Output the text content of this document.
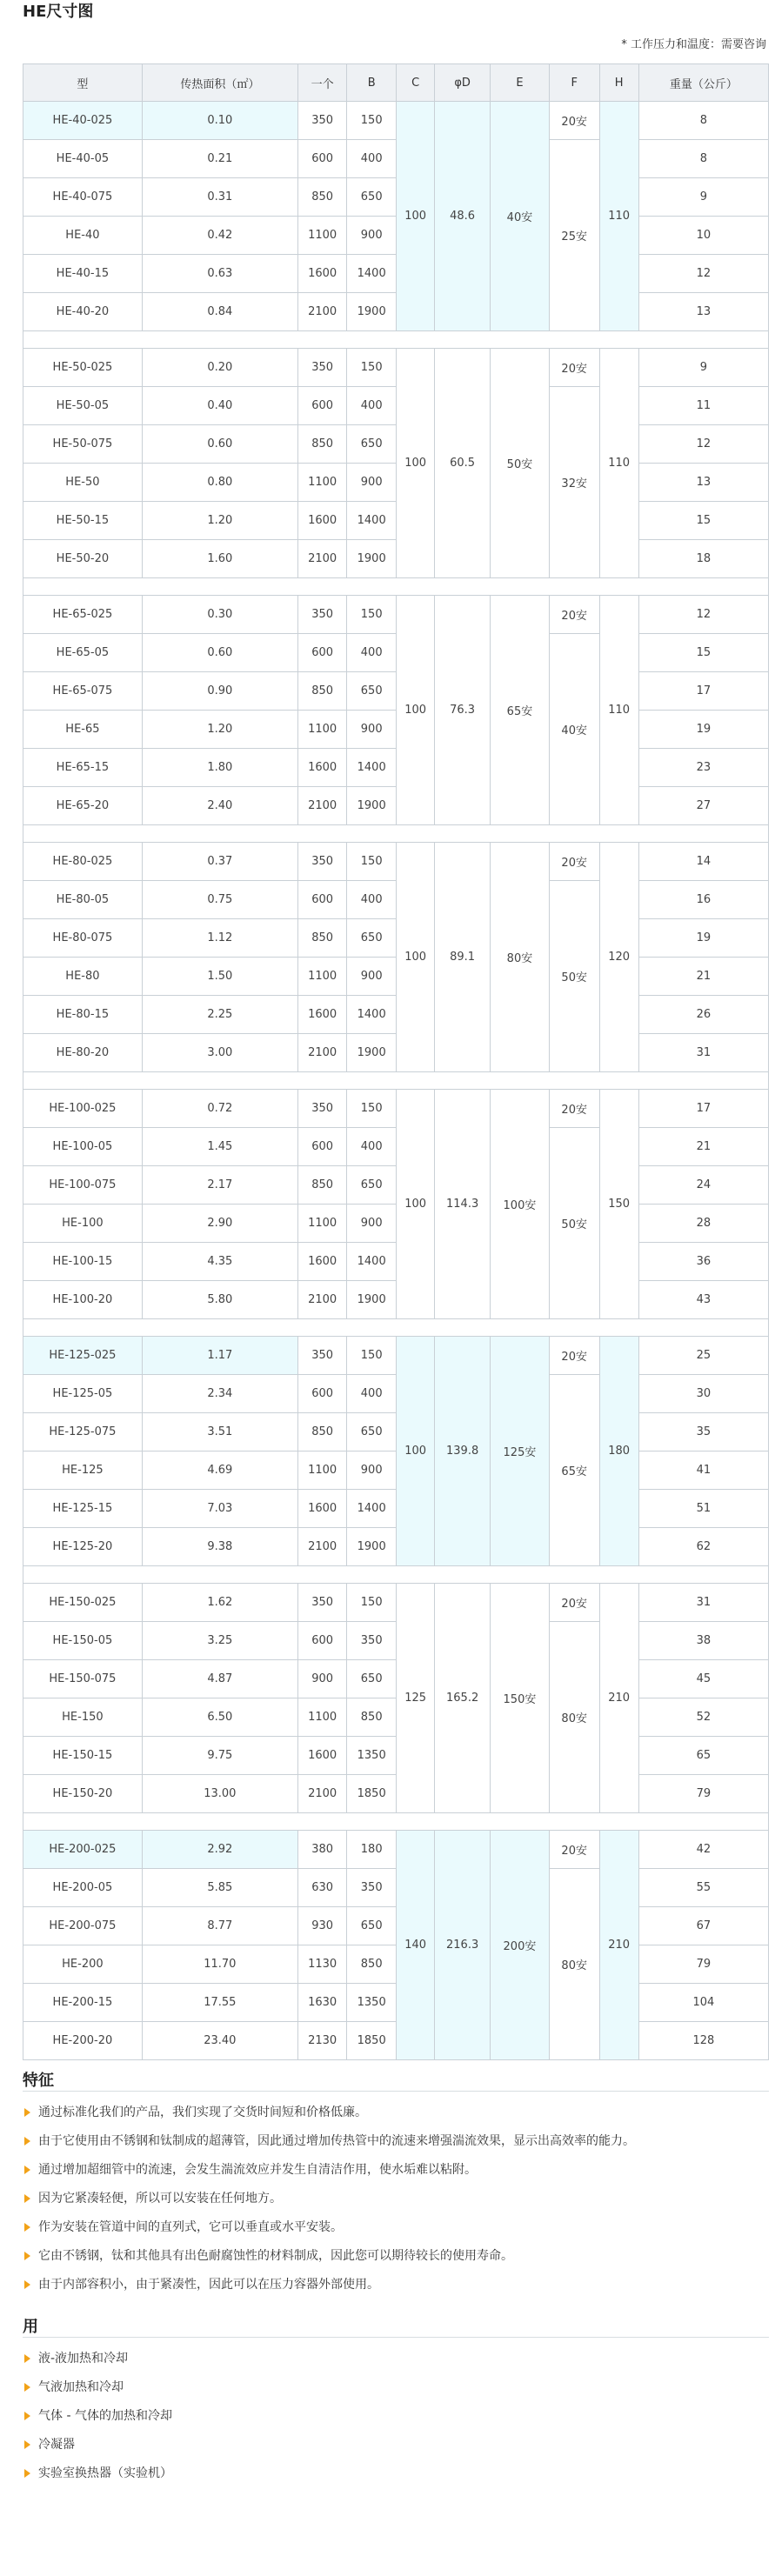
HE尺寸图
* 工作压力和温度：需要咨询
型	传热面积（㎡）	一个	B	C	φD	E	F	H	重量（公斤）
HE-40-025	0.10	350	150	100	48.6	40安	20安	110	8
HE-40-05	0.21	600	400				25安		8
HE-40-075	0.31	850	650						9
HE-40	0.42	1100	900						10
HE-40-15	0.63	1600	1400						12
HE-40-20	0.84	2100	1900						13

HE-50-025	0.20	350	150	100	60.5	50安	20安	110	9
HE-50-05	0.40	600	400				32安		11
HE-50-075	0.60	850	650						12
HE-50	0.80	1100	900						13
HE-50-15	1.20	1600	1400						15
HE-50-20	1.60	2100	1900						18

HE-65-025	0.30	350	150	100	76.3	65安	20安	110	12
HE-65-05	0.60	600	400				40安		15
HE-65-075	0.90	850	650						17
HE-65	1.20	1100	900						19
HE-65-15	1.80	1600	1400						23
HE-65-20	2.40	2100	1900						27

HE-80-025	0.37	350	150	100	89.1	80安	20安	120	14
HE-80-05	0.75	600	400				50安		16
HE-80-075	1.12	850	650						19
HE-80	1.50	1100	900						21
HE-80-15	2.25	1600	1400						26
HE-80-20	3.00	2100	1900						31

HE-100-025	0.72	350	150	100	114.3	100安	20安	150	17
HE-100-05	1.45	600	400				50安		21
HE-100-075	2.17	850	650						24
HE-100	2.90	1100	900						28
HE-100-15	4.35	1600	1400						36
HE-100-20	5.80	2100	1900						43

HE-125-025	1.17	350	150	100	139.8	125安	20安	180	25
HE-125-05	2.34	600	400				65安		30
HE-125-075	3.51	850	650						35
HE-125	4.69	1100	900						41
HE-125-15	7.03	1600	1400						51
HE-125-20	9.38	2100	1900						62

HE-150-025	1.62	350	150	125	165.2	150安	20安	210	31
HE-150-05	3.25	600	350				80安		38
HE-150-075	4.87	900	650						45
HE-150	6.50	1100	850						52
HE-150-15	9.75	1600	1350						65
HE-150-20	13.00	2100	1850						79

HE-200-025	2.92	380	180	140	216.3	200安	20安	210	42
HE-200-05	5.85	630	350				80安		55
HE-200-075	8.77	930	650						67
HE-200	11.70	1130	850						79
HE-200-15	17.55	1630	1350						104
HE-200-20	23.40	2130	1850						128
特征
通过标准化我们的产品，我们实现了交货时间短和价格低廉。
由于它使用由不锈钢和钛制成的超薄管，因此通过增加传热管中的流速来增强湍流效果，显示出高效率的能力。
通过增加超细管中的流速，会发生湍流效应并发生自清洁作用，使水垢难以粘附。
因为它紧凑轻便，所以可以安装在任何地方。
作为安装在管道中间的直列式，它可以垂直或水平安装。
它由不锈钢，钛和其他具有出色耐腐蚀性的材料制成，因此您可以期待较长的使用寿命。
由于内部容积小，由于紧凑性，因此可以在压力容器外部使用。
用
液-液加热和冷却
气液加热和冷却
气体 - 气体的加热和冷却
冷凝器
实验室换热器（实验机）
